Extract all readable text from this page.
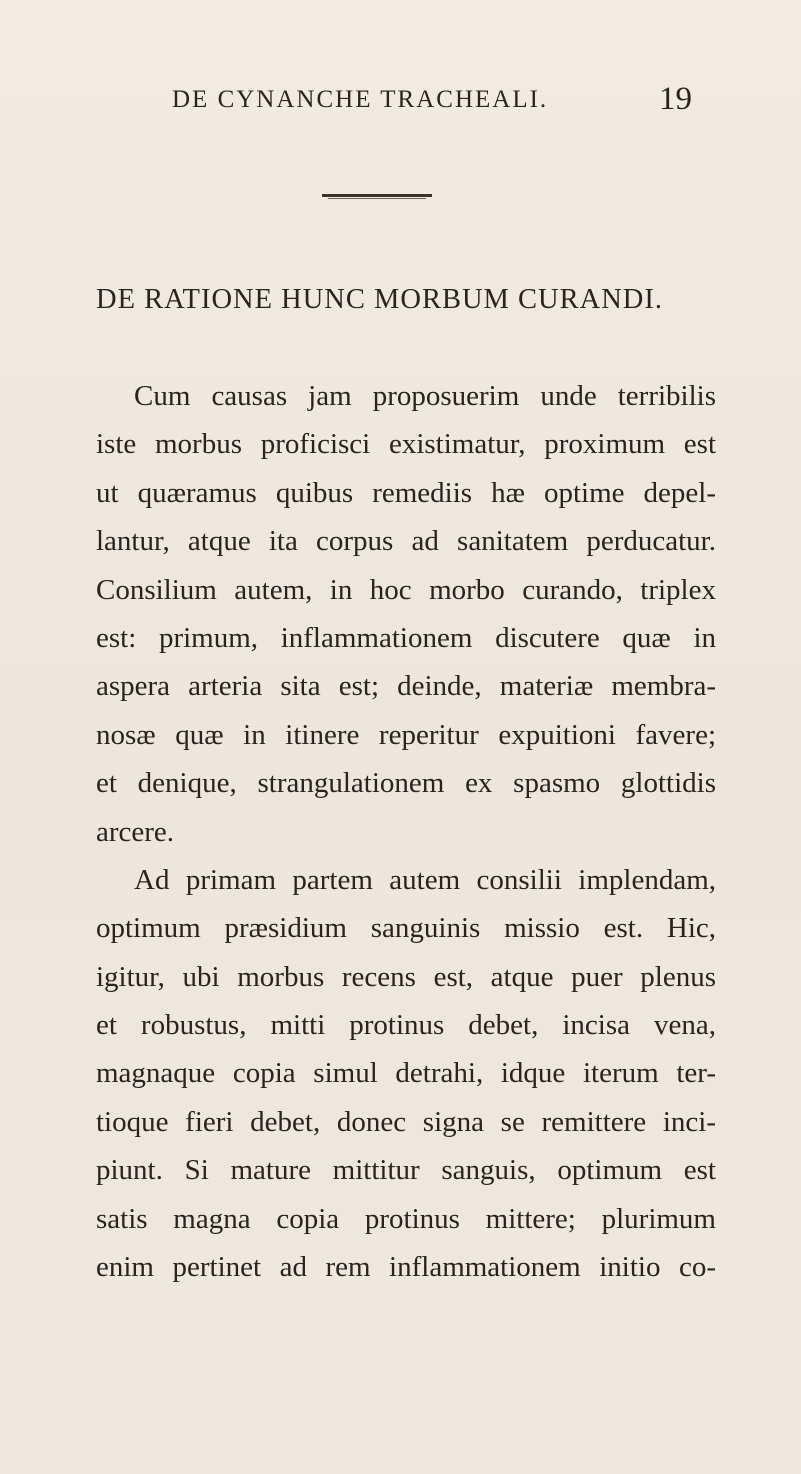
DE CYNANCHE TRACHEALI.	19
DE RATIONE HUNC MORBUM CURANDI.
Cum causas jam proposuerim unde terribilis
iste morbus proficisci existimatur, proximum est
ut quæramus quibus remediis hæ optime depel-
lantur, atque ita corpus ad sanitatem perducatur.
Consilium autem, in hoc morbo curando, triplex
est: primum, inflammationem discutere quæ in
aspera arteria sita est; deinde, materiæ membra-
nosæ quæ in itinere reperitur expuitioni favere;
et denique, strangulationem ex spasmo glottidis
arcere.
Ad primam partem autem consilii implendam,
optimum præsidium sanguinis missio est. Hic,
igitur, ubi morbus recens est, atque puer plenus
et robustus, mitti protinus debet, incisa vena,
magnaque copia simul detrahi, idque iterum ter-
tioque fieri debet, donec signa se remittere inci-
piunt. Si mature mittitur sanguis, optimum est
satis magna copia protinus mittere; plurimum
enim pertinet ad rem inflammationem initio co-
